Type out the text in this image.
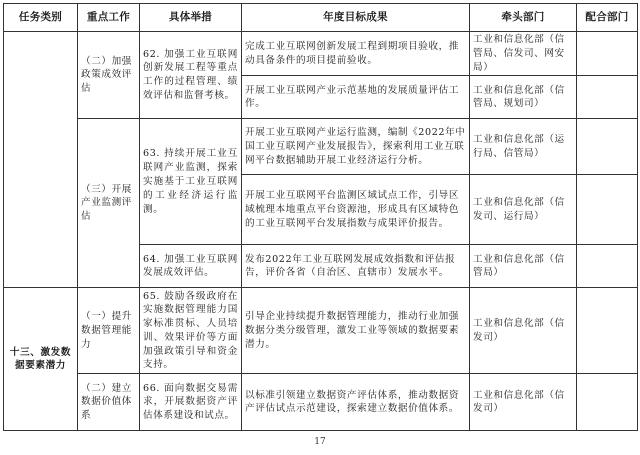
任务类别	重点工作	具体举措	年度目标成果	牵头部门	配合部门
	（二）加强政策成效评估	62. 加强工业互联网创新发展工程等重点工作的过程管理、绩效评估和监督考核。	完成工业互联网创新发展工程到期项目验收，推动具备条件的项目提前验收。	工业和信息化部（信管局、信发司、网安局）	
			开展工业互联网产业示范基地的发展质量评估工作。	工业和信息化部（信管局、规划司）	
	（三）开展产业监测评估	63. 持续开展工业互联网产业监测，探索实施基于工业互联网的工业经济运行监测。	开展工业互联网产业运行监测，编制《2022年中国工业互联网产业发展报告》，探索利用工业互联网平台数据辅助开展工业经济运行分析。	工业和信息化部（运行局、信管局）	
			开展工业互联网平台监测区域试点工作，引导区域梳理本地重点平台资源池，形成具有区域特色的工业互联网平台发展指数与成果评价报告。	工业和信息化部（信发司、运行局）	
		64. 加强工业互联网发展成效评估。	发布2022年工业互联网发展成效指数和评估报告，评价各省（自治区、直辖市）发展水平。	工业和信息化部（信管局）	

十三、激发数据要素潜力	（一）提升数据管理能力	65. 鼓励各级政府在实施数据管理能力国家标准贯标、人员培训、效果评价等方面加强政策引导和资金支持。	引导企业持续提升数据管理能力，推动行业加强数据分类分级管理，激发工业等领域的数据要素潜力。	工业和信息化部（信发司）	
	（二）建立数据价值体系	66. 面向数据交易需求，开展数据资产评估体系建设和试点。	以标准引领建立数据资产评估体系，推动数据资产评估试点示范建设，探索建立数据价值体系。	工业和信息化部（信发司）	
17
